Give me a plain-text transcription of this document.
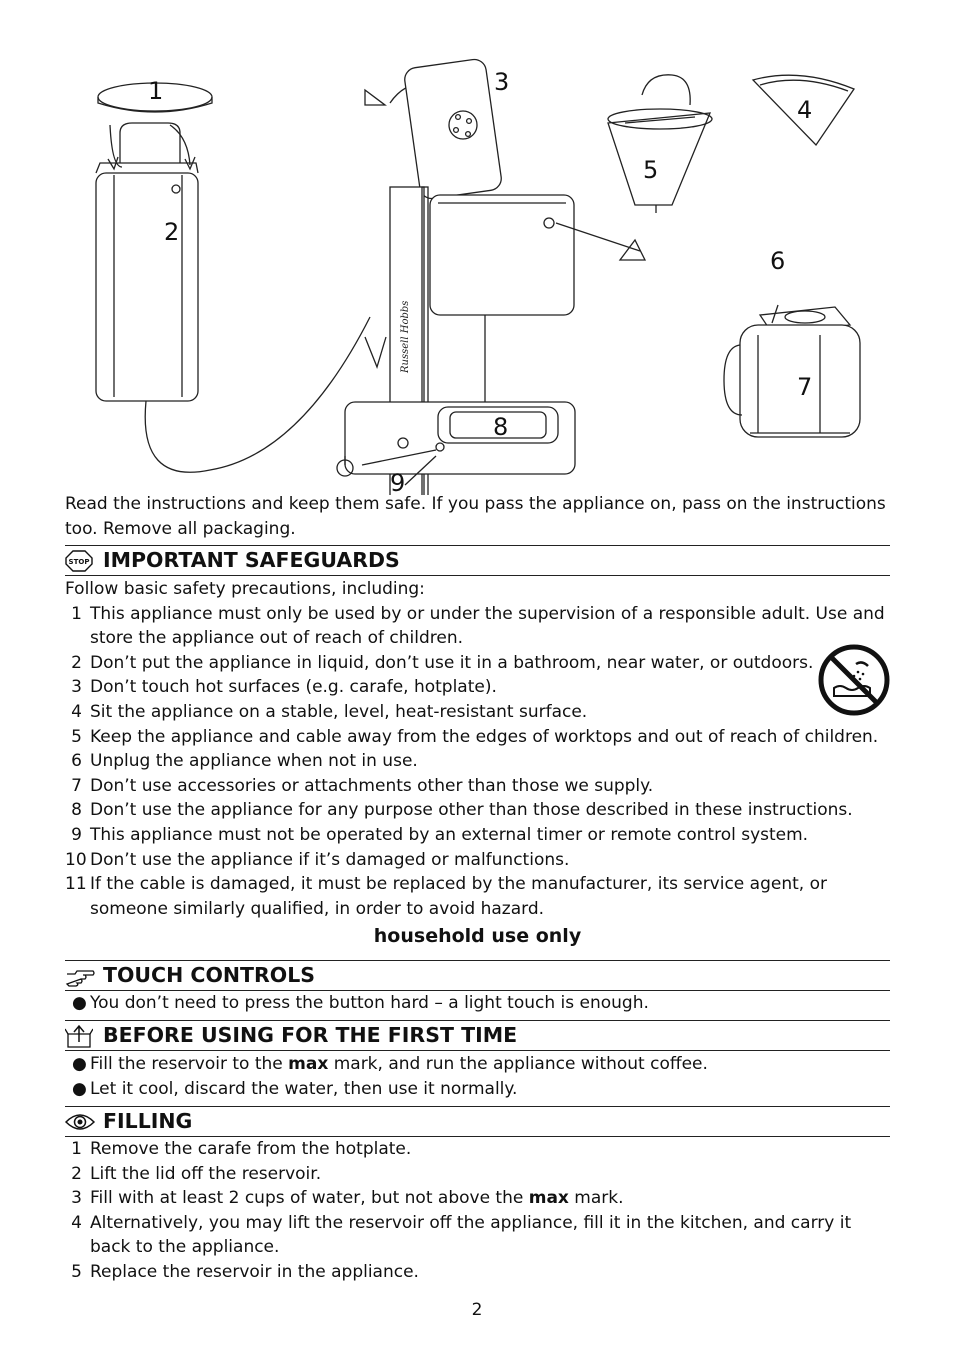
1
2
Russell Hobbs
3
8
9
5
4
6
7
Read the instructions and keep them safe. If you pass the appliance on, pass on the instructions too. Remove all packaging.
STOP IMPORTANT SAFEGUARDS
Follow basic safety precautions, including:
1 This appliance must only be used by or under the supervision of a responsible adult. Use and store the appliance out of reach of children.
2 Don’t put the appliance in liquid, don’t use it in a bathroom, near water, or outdoors.
3 Don’t touch hot surfaces (e.g. carafe, hotplate).
4 Sit the appliance on a stable, level, heat-resistant surface.
5 Keep the appliance and cable away from the edges of worktops and out of reach of children.
6 Unplug the appliance when not in use.
7 Don’t use accessories or attachments other than those we supply.
8 Don’t use the appliance for any purpose other than those described in these instructions.
9 This appliance must not be operated by an external timer or remote control system.
10 Don’t use the appliance if it’s damaged or malfunctions.
11 If the cable is damaged, it must be replaced by the manufacturer, its service agent, or someone similarly qualified, in order to avoid hazard.
household use only
TOUCH CONTROLS
● You don’t need to press the button hard – a light touch is enough.
BEFORE USING FOR THE FIRST TIME
● Fill the reservoir to the max mark, and run the appliance without coffee.
● Let it cool, discard the water, then use it normally.
FILLING
1 Remove the carafe from the hotplate.
2 Lift the lid off the reservoir.
3 Fill with at least 2 cups of water, but not above the max mark.
4 Alternatively, you may lift the reservoir off the appliance, fill it in the kitchen, and carry it back to the appliance.
5 Replace the reservoir in the appliance.
2
